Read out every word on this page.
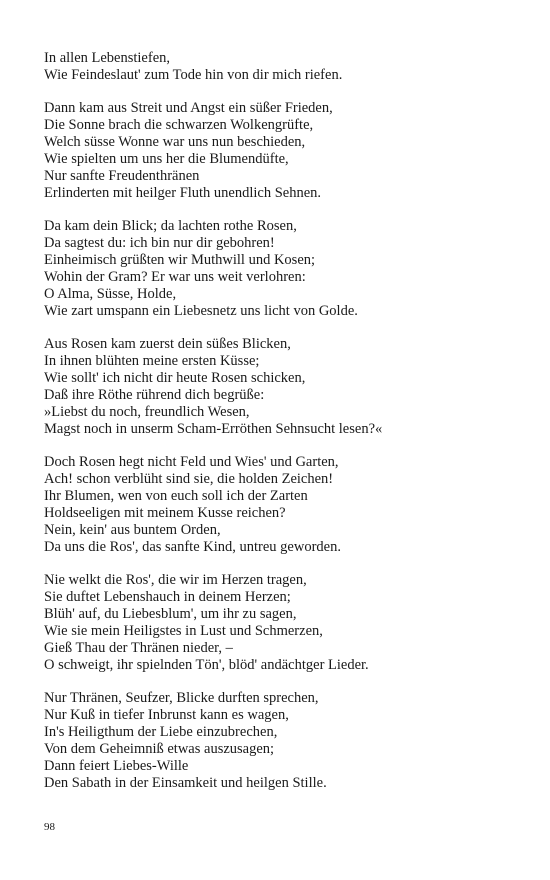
In allen Lebenstiefen,
Wie Feindeslaut' zum Tode hin von dir mich riefen.
Dann kam aus Streit und Angst ein süßer Frieden,
Die Sonne brach die schwarzen Wolkengrüfte,
Welch süsse Wonne war uns nun beschieden,
Wie spielten um uns her die Blumendüfte,
Nur sanfte Freudenthränen
Erlinderten mit heilger Fluth unendlich Sehnen.
Da kam dein Blick; da lachten rothe Rosen,
Da sagtest du: ich bin nur dir gebohren!
Einheimisch grüßten wir Muthwill und Kosen;
Wohin der Gram? Er war uns weit verlohren:
O Alma, Süsse, Holde,
Wie zart umspann ein Liebesnetz uns licht von Golde.
Aus Rosen kam zuerst dein süßes Blicken,
In ihnen blühten meine ersten Küsse;
Wie sollt' ich nicht dir heute Rosen schicken,
Daß ihre Röthe rührend dich begrüße:
»Liebst du noch, freundlich Wesen,
Magst noch in unserm Scham-Erröthen Sehnsucht lesen?«
Doch Rosen hegt nicht Feld und Wies' und Garten,
Ach! schon verblüht sind sie, die holden Zeichen!
Ihr Blumen, wen von euch soll ich der Zarten
Holdseeligen mit meinem Kusse reichen?
Nein, kein' aus buntem Orden,
Da uns die Ros', das sanfte Kind, untreu geworden.
Nie welkt die Ros', die wir im Herzen tragen,
Sie duftet Lebenshauch in deinem Herzen;
Blüh' auf, du Liebesblum', um ihr zu sagen,
Wie sie mein Heiligstes in Lust und Schmerzen,
Gieß Thau der Thränen nieder, –
O schweigt, ihr spielnden Tön', blöd' andächtger Lieder.
Nur Thränen, Seufzer, Blicke durften sprechen,
Nur Kuß in tiefer Inbrunst kann es wagen,
In's Heiligthum der Liebe einzubrechen,
Von dem Geheimniß etwas auszusagen;
Dann feiert Liebes-Wille
Den Sabath in der Einsamkeit und heilgen Stille.
98
